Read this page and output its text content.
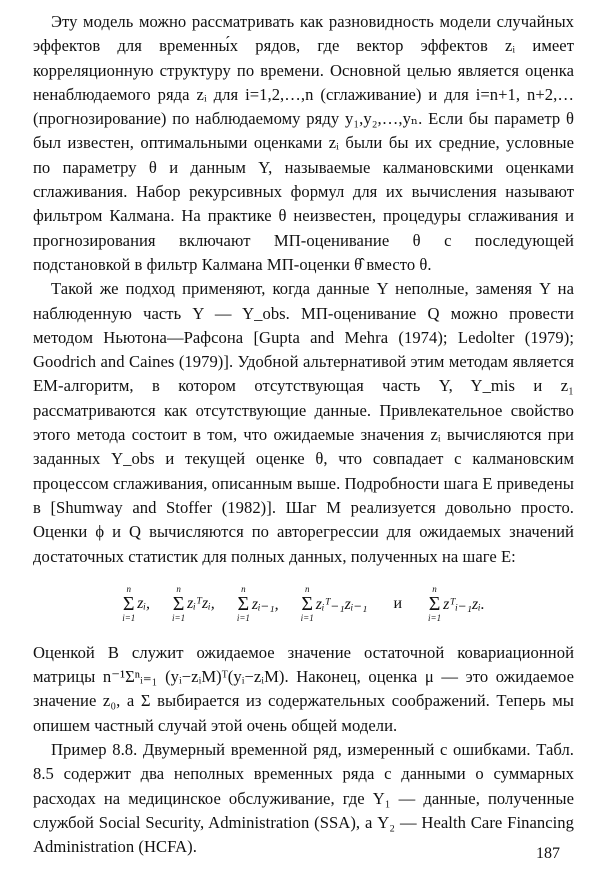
Эту модель можно рассматривать как разновидность модели случайных эффектов для временны́х рядов, где вектор эффектов zᵢ имеет корреляционную структуру по времени. Основной целью является оценка ненаблюдаемого ряда zᵢ для i=1,2,…,n (сглаживание) и для i=n+1, n+2,… (прогнозирование) по наблюдаемому ряду y₁,y₂,…,yₙ. Если бы параметр θ был известен, оптимальными оценками zᵢ были бы их средние, условные по параметру θ и данным Y, называемые калмановскими оценками сглаживания. Набор рекурсивных формул для их вычисления называют фильтром Калмана. На практике θ неизвестен, процедуры сглаживания и прогнозирования включают МП-оценивание θ с последующей подстановкой в фильтр Калмана МП-оценки θ̂ вместо θ.

Такой же подход применяют, когда данные Y неполные, заменяя Y на наблюденную часть Y — Y_obs. МП-оценивание Q можно провести методом Ньютона—Рафсона [Gupta and Mehra (1974); Ledolter (1979); Goodrich and Caines (1979)]. Удобной альтернативой этим методам является EM-алгоритм, в котором отсутствующая часть Y, Y_mis и z₁ рассматриваются как отсутствующие данные. Привлекательное свойство этого метода состоит в том, что ожидаемые значения zᵢ вычисляются при заданных Y_obs и текущей оценке θ, что совпадает с калмановским процессом сглаживания, описанным выше. Подробности шага E приведены в [Shumway and Stoffer (1982)]. Шаг M реализуется довольно просто. Оценки ϕ и Q вычисляются по авторегрессии для ожидаемых значений достаточных статистик для полных данных, полученных на шаге E:

n
Σ
i=1
zᵢ,
n
Σ
i=1
zᵢᵀzᵢ,
n
Σ
i=1
zᵢ₋₁,
n
Σ
i=1
zᵢᵀ₋₁zᵢ₋₁ и
n
Σ
i=1
zᵀᵢ₋₁zᵢ.

Оценкой B служит ожидаемое значение остаточной ковариационной матрицы n⁻¹Σⁿᵢ₌₁ (yᵢ−zᵢM)ᵀ(yᵢ−zᵢM). Наконец, оценка μ — это ожидаемое значение z₀, а Σ выбирается из содержательных соображений. Теперь мы опишем частный случай этой очень общей модели.

Пример 8.8. Двумерный временной ряд, измеренный с ошибками. Табл. 8.5 содержит два неполных временных ряда с данными о суммарных расходах на медицинское обслуживание, где Y₁ — данные, полученные службой Social Security, Administration (SSA), а Y₂ — Health Care Financing Administration (HCFA).	187
